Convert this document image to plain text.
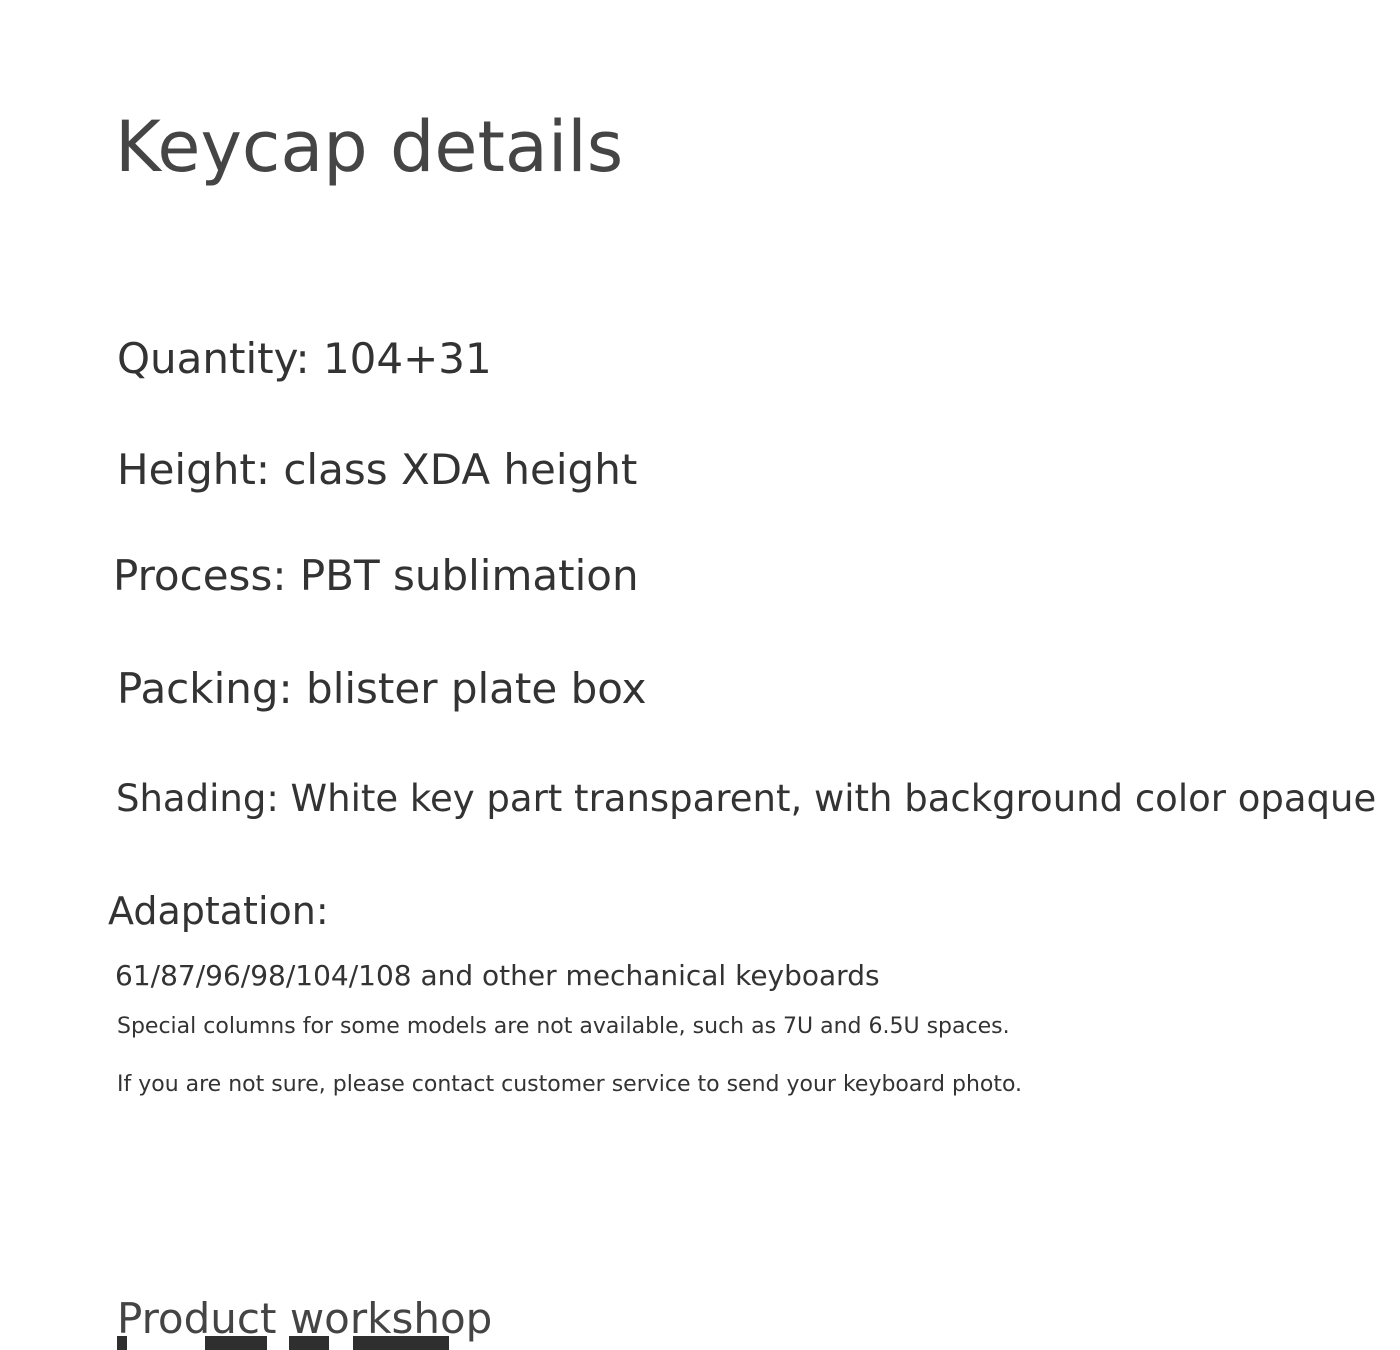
Keycap details
Quantity: 104+31
Height: class XDA height
Process: PBT sublimation
Packing: blister plate box
Shading: White key part transparent, with background color opaque
Adaptation:
61/87/96/98/104/108 and other mechanical keyboards
Special columns for some models are not available, such as 7U and 6.5U spaces.
If you are not sure, please contact customer service to send your keyboard photo.
Product workshop
